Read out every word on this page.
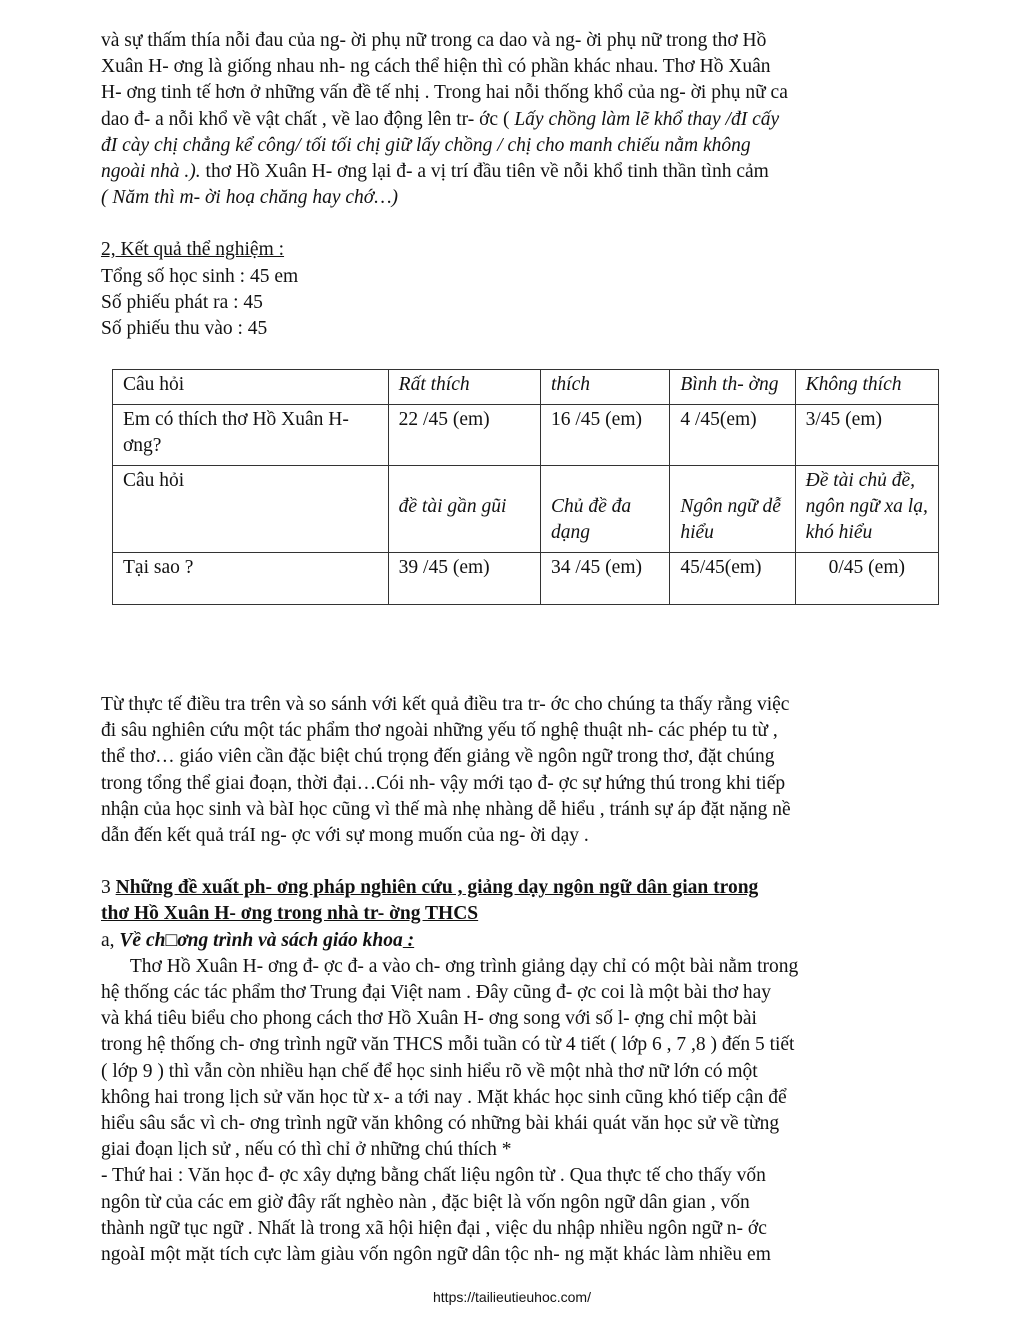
và sự thấm thía nỗi đau của ng- ời phụ nữ trong ca dao và ng- ời phụ nữ trong thơ Hồ
Xuân H- ơng là giống nhau nh- ng cách thể hiện thì có phần khác nhau. Thơ Hồ Xuân
H- ơng tinh tế hơn ở những vấn đề tế nhị . Trong hai nỗi thống khổ của ng- ời phụ nữ ca
dao đ- a nỗi khổ về vật chất , về lao động lên tr- ớc ( Lấy chồng làm lẽ khổ thay /đI cấy
đI cày chị chẳng kể công/ tối tối chị giữ lấy chồng / chị cho manh chiếu nằm không
ngoài nhà .). thơ Hồ Xuân H- ơng lại đ- a vị trí đầu tiên về nỗi khổ tinh thần tình cảm
( Năm thì m- ời hoạ chăng hay chớ…)
2, Kết quả thể nghiệm :
Tổng số học sinh : 45 em
Số phiếu phát ra : 45
Số phiếu thu vào : 45
Câu hỏi	Rất thích	thích	Bình th- ờng	Không thích
Em có thích thơ Hồ Xuân H- ơng?	22 /45 (em)	16 /45 (em)	4 /45(em)	3/45 (em)
Câu hỏi	đề tài gần gũi	Chủ đề đa dạng	Ngôn ngữ dễ hiểu	Đề tài chủ đề, ngôn ngữ xa lạ, khó hiểu
Tại sao ?	39 /45 (em)	34 /45 (em)	45/45(em)	0/45 (em)
Từ thực tế điều tra trên và so sánh với kết quả điều tra tr- ớc cho chúng ta thấy rằng việc
đi sâu nghiên cứu một tác phẩm thơ ngoài những yếu tố nghệ thuật nh- các phép tu từ ,
thể thơ… giáo viên cần đặc biệt chú trọng đến giảng về ngôn ngữ trong thơ, đặt chúng
trong tổng thể giai đoạn, thời đại…Cói nh- vậy mới tạo đ- ợc sự hứng thú trong khi tiếp
nhận của học sinh và bàI học cũng vì thế mà nhẹ nhàng dễ hiểu , tránh sự áp đặt nặng nề
dẫn đến kết quả tráI ng- ợc với sự mong muốn của ng- ời dạy .
3 Những đề xuất ph- ơng pháp nghiên cứu , giảng dạy ngôn ngữ dân gian trong
thơ Hồ Xuân H- ơng trong nhà tr- ờng THCS
a, Về ch□ơng trình và sách giáo khoa :
Thơ Hồ Xuân H- ơng đ- ợc đ- a vào ch- ơng trình giảng dạy chỉ có một bài nằm trong
hệ thống các tác phẩm thơ Trung đại Việt nam . Đây cũng đ- ợc coi là một bài thơ hay
và khá tiêu biểu cho phong cách thơ Hồ Xuân H- ơng song với số l- ợng chỉ một bài
trong hệ thống ch- ơng trình ngữ văn THCS mỗi tuần có từ 4 tiết ( lớp 6 , 7 ,8 ) đến 5 tiết
( lớp 9 ) thì vẫn còn nhiều hạn chế để học sinh hiểu rõ về một nhà thơ nữ lớn có một
không hai trong lịch sử văn học từ x- a tới nay . Mặt khác học sinh cũng khó tiếp cận để
hiểu sâu sắc vì ch- ơng trình ngữ văn không có những bài khái quát văn học sử về từng
giai đoạn lịch sử , nếu có thì chỉ ở những chú thích *
- Thứ hai : Văn học đ- ợc xây dựng bằng chất liệu ngôn từ . Qua thực tế cho thấy vốn
ngôn từ của các em giờ đây rất nghèo nàn , đặc biệt là vốn ngôn ngữ dân gian , vốn
thành ngữ tục ngữ . Nhất là trong xã hội hiện đại , việc du nhập nhiều ngôn ngữ n- ớc
ngoàI một mặt tích cực làm giàu vốn ngôn ngữ dân tộc nh- ng mặt khác làm nhiều em
https://tailieutieuhoc.com/
